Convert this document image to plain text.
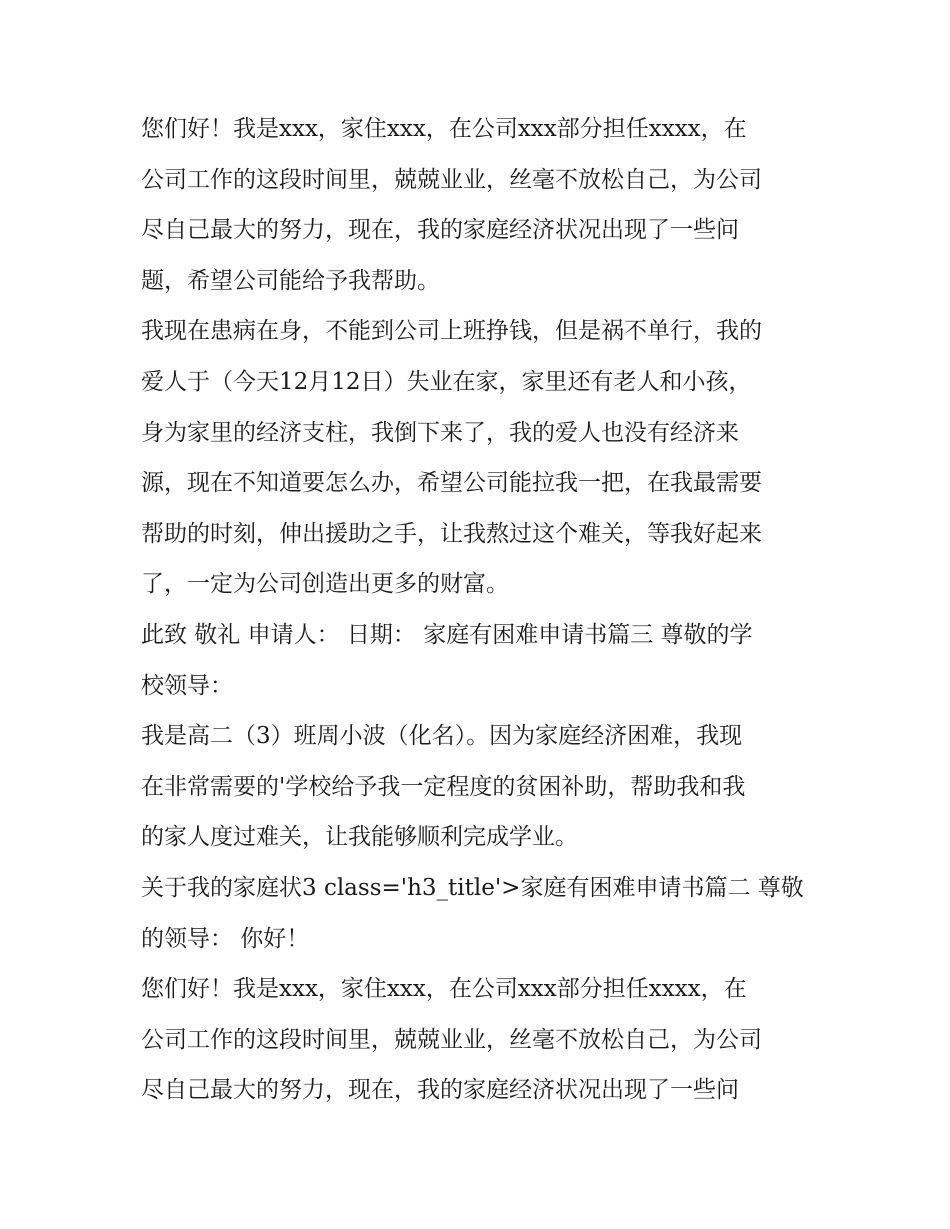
您们好！我是xxx，家住xxx，在公司xxx部分担任xxxx，在
公司工作的这段时间里，兢兢业业，丝毫不放松自己，为公司
尽自己最大的努力，现在，我的家庭经济状况出现了一些问
题，希望公司能给予我帮助。

我现在患病在身，不能到公司上班挣钱，但是祸不单行，我的
爱人于（今天12月12日）失业在家，家里还有老人和小孩，
身为家里的经济支柱，我倒下来了，我的爱人也没有经济来
源，现在不知道要怎么办，希望公司能拉我一把，在我最需要
帮助的时刻，伸出援助之手，让我熬过这个难关，等我好起来
了，一定为公司创造出更多的财富。

此致 敬礼 申请人： 日期： 家庭有困难申请书篇三 尊敬的学
校领导：

我是高二（3）班周小波（化名）。因为家庭经济困难，我现
在非常需要的'学校给予我一定程度的贫困补助，帮助我和我
的家人度过难关，让我能够顺利完成学业。

关于我的家庭状3 class='h3_title'>家庭有困难申请书篇二 尊敬
的领导： 你好！

您们好！我是xxx，家住xxx，在公司xxx部分担任xxxx，在
公司工作的这段时间里，兢兢业业，丝毫不放松自己，为公司
尽自己最大的努力，现在，我的家庭经济状况出现了一些问
